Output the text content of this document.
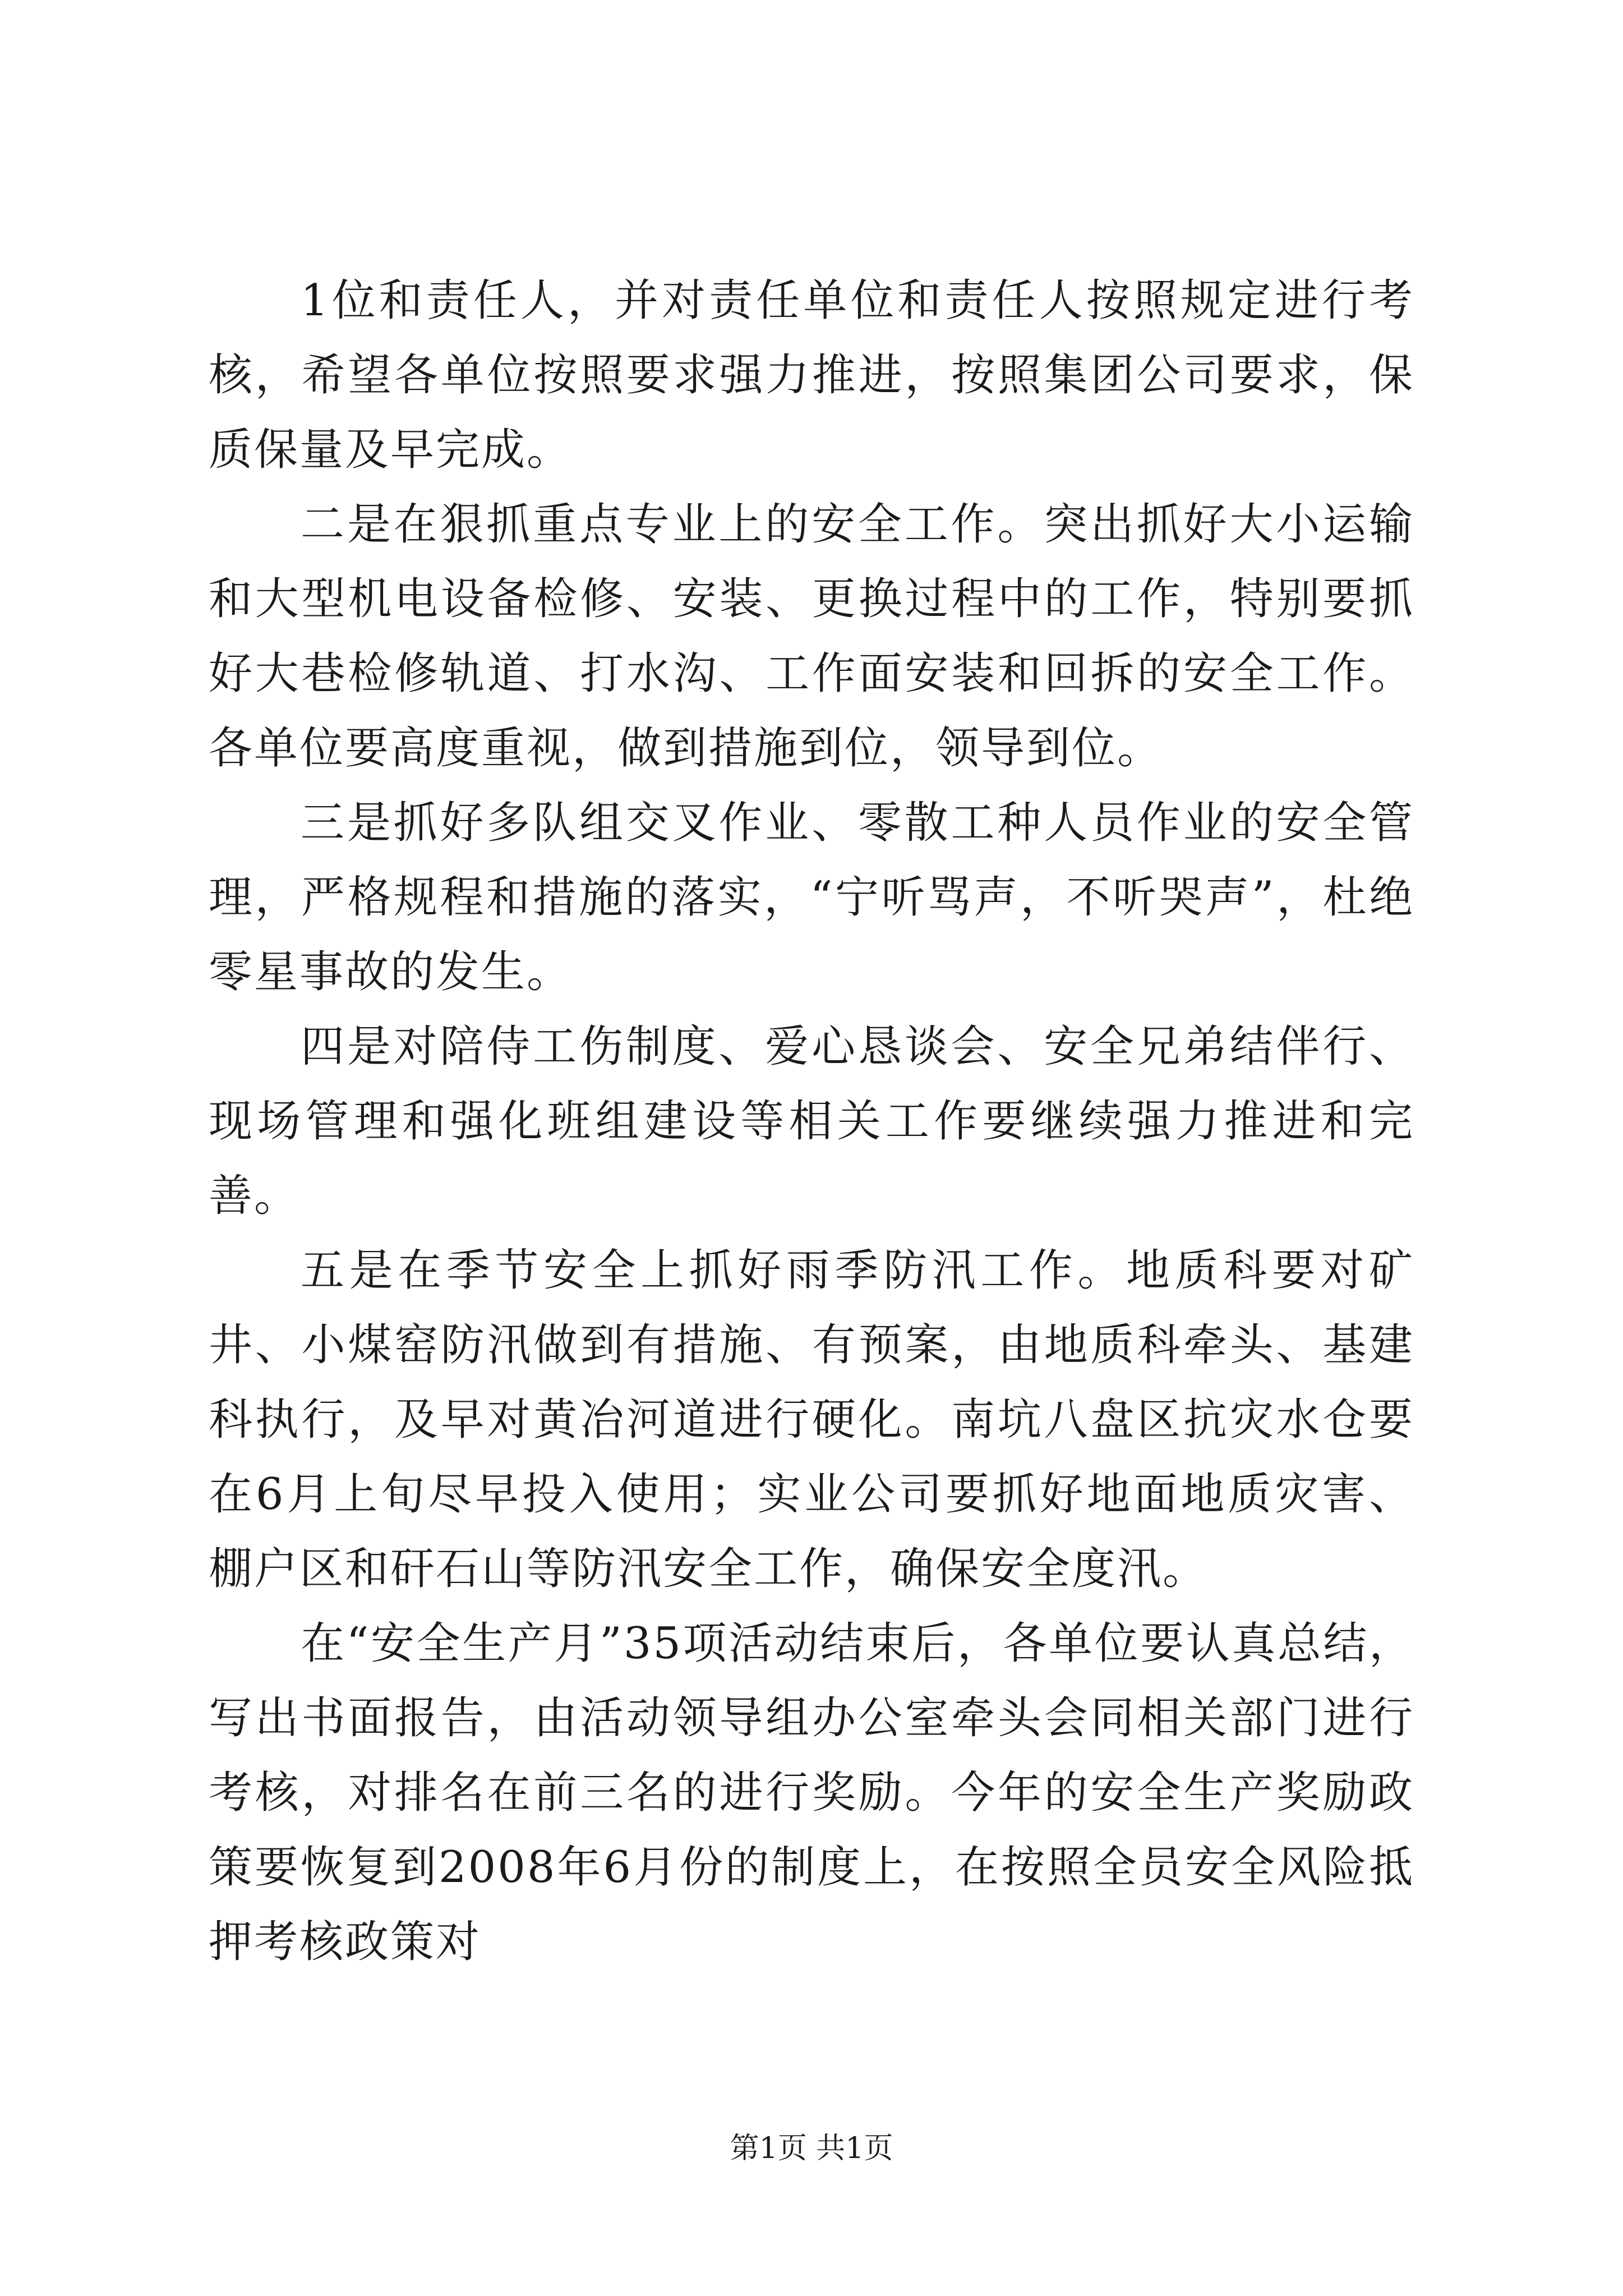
1位和责任人，并对责任单位和责任人按照规定进行考核，希望各单位按照要求强力推进，按照集团公司要求，保质保量及早完成。

二是在狠抓重点专业上的安全工作。突出抓好大小运输和大型机电设备检修、安装、更换过程中的工作，特别要抓好大巷检修轨道、打水沟、工作面安装和回拆的安全工作。各单位要高度重视，做到措施到位，领导到位。

三是抓好多队组交叉作业、零散工种人员作业的安全管理，严格规程和措施的落实，“宁听骂声，不听哭声”，杜绝零星事故的发生。

四是对陪侍工伤制度、爱心恳谈会、安全兄弟结伴行、现场管理和强化班组建设等相关工作要继续强力推进和完善。

五是在季节安全上抓好雨季防汛工作。地质科要对矿井、小煤窑防汛做到有措施、有预案，由地质科牵头、基建科执行，及早对黄冶河道进行硬化。南坑八盘区抗灾水仓要在6月上旬尽早投入使用；实业公司要抓好地面地质灾害、棚户区和矸石山等防汛安全工作，确保安全度汛。

在“安全生产月”35项活动结束后，各单位要认真总结，写出书面报告，由活动领导组办公室牵头会同相关部门进行考核，对排名在前三名的进行奖励。今年的安全生产奖励政策要恢复到2008年6月份的制度上，在按照全员安全风险抵押考核政策对

第1页 共1页
